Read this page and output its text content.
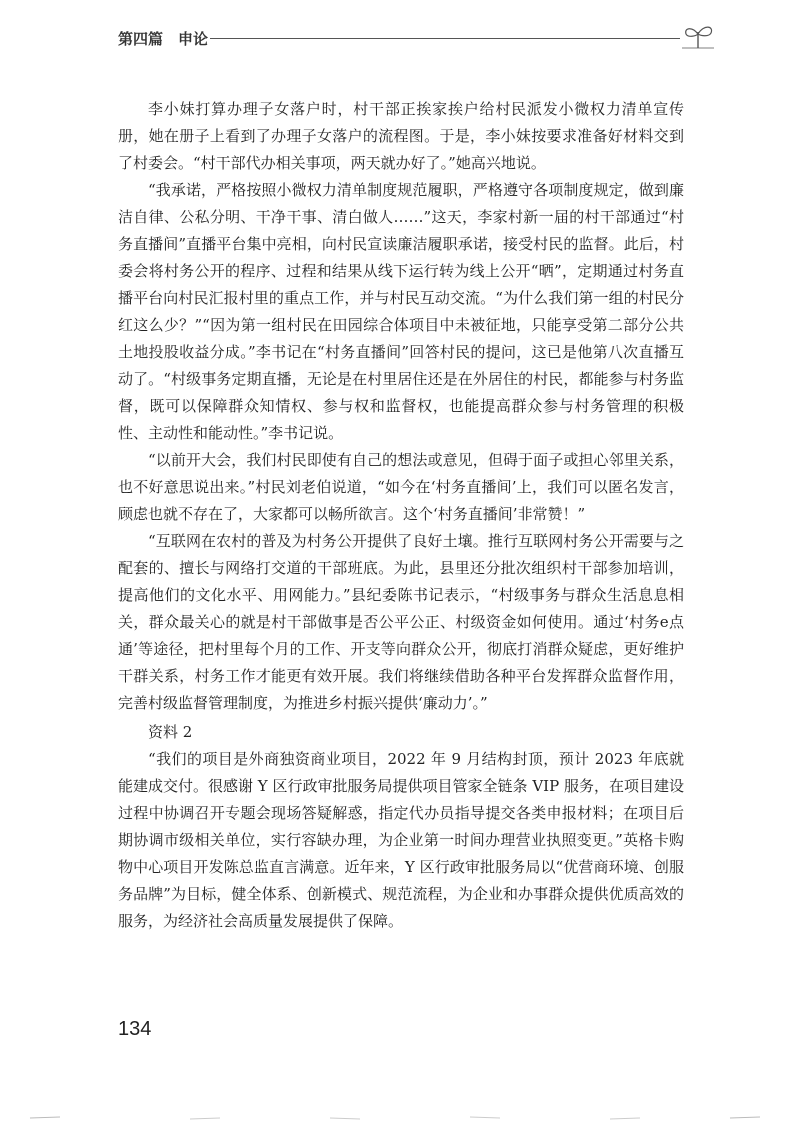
第四篇　申论

李小妹打算办理子女落户时，村干部正挨家挨户给村民派发小微权力清单宣传册，她在册子上看到了办理子女落户的流程图。于是，李小妹按要求准备好材料交到了村委会。“村干部代办相关事项，两天就办好了。”她高兴地说。

“我承诺，严格按照小微权力清单制度规范履职，严格遵守各项制度规定，做到廉洁自律、公私分明、干净干事、清白做人……”这天，李家村新一届的村干部通过“村务直播间”直播平台集中亮相，向村民宣读廉洁履职承诺，接受村民的监督。此后，村委会将村务公开的程序、过程和结果从线下运行转为线上公开“晒”，定期通过村务直播平台向村民汇报村里的重点工作，并与村民互动交流。“为什么我们第一组的村民分红这么少？”“因为第一组村民在田园综合体项目中未被征地，只能享受第二部分公共土地投股收益分成。”李书记在“村务直播间”回答村民的提问，这已是他第八次直播互动了。“村级事务定期直播，无论是在村里居住还是在外居住的村民，都能参与村务监督，既可以保障群众知情权、参与权和监督权，也能提高群众参与村务管理的积极性、主动性和能动性。”李书记说。

“以前开大会，我们村民即使有自己的想法或意见，但碍于面子或担心邻里关系，也不好意思说出来。”村民刘老伯说道，“如今在‘村务直播间’上，我们可以匿名发言，顾虑也就不存在了，大家都可以畅所欲言。这个‘村务直播间’非常赞！”

“互联网在农村的普及为村务公开提供了良好土壤。推行互联网村务公开需要与之配套的、擅长与网络打交道的干部班底。为此，县里还分批次组织村干部参加培训，提高他们的文化水平、用网能力。”县纪委陈书记表示，“村级事务与群众生活息息相关，群众最关心的就是村干部做事是否公平公正、村级资金如何使用。通过‘村务e点通’等途径，把村里每个月的工作、开支等向群众公开，彻底打消群众疑虑，更好维护干群关系，村务工作才能更有效开展。我们将继续借助各种平台发挥群众监督作用，完善村级监督管理制度，为推进乡村振兴提供‘廉动力’。”

资料 2

“我们的项目是外商独资商业项目，2022 年 9 月结构封顶，预计 2023 年底就能建成交付。很感谢 Y 区行政审批服务局提供项目管家全链条 VIP 服务，在项目建设过程中协调召开专题会现场答疑解惑，指定代办员指导提交各类申报材料；在项目后期协调市级相关单位，实行容缺办理，为企业第一时间办理营业执照变更。”英格卡购物中心项目开发陈总监直言满意。近年来，Y 区行政审批服务局以“优营商环境、创服务品牌”为目标，健全体系、创新模式、规范流程，为企业和办事群众提供优质高效的服务，为经济社会高质量发展提供了保障。

134
